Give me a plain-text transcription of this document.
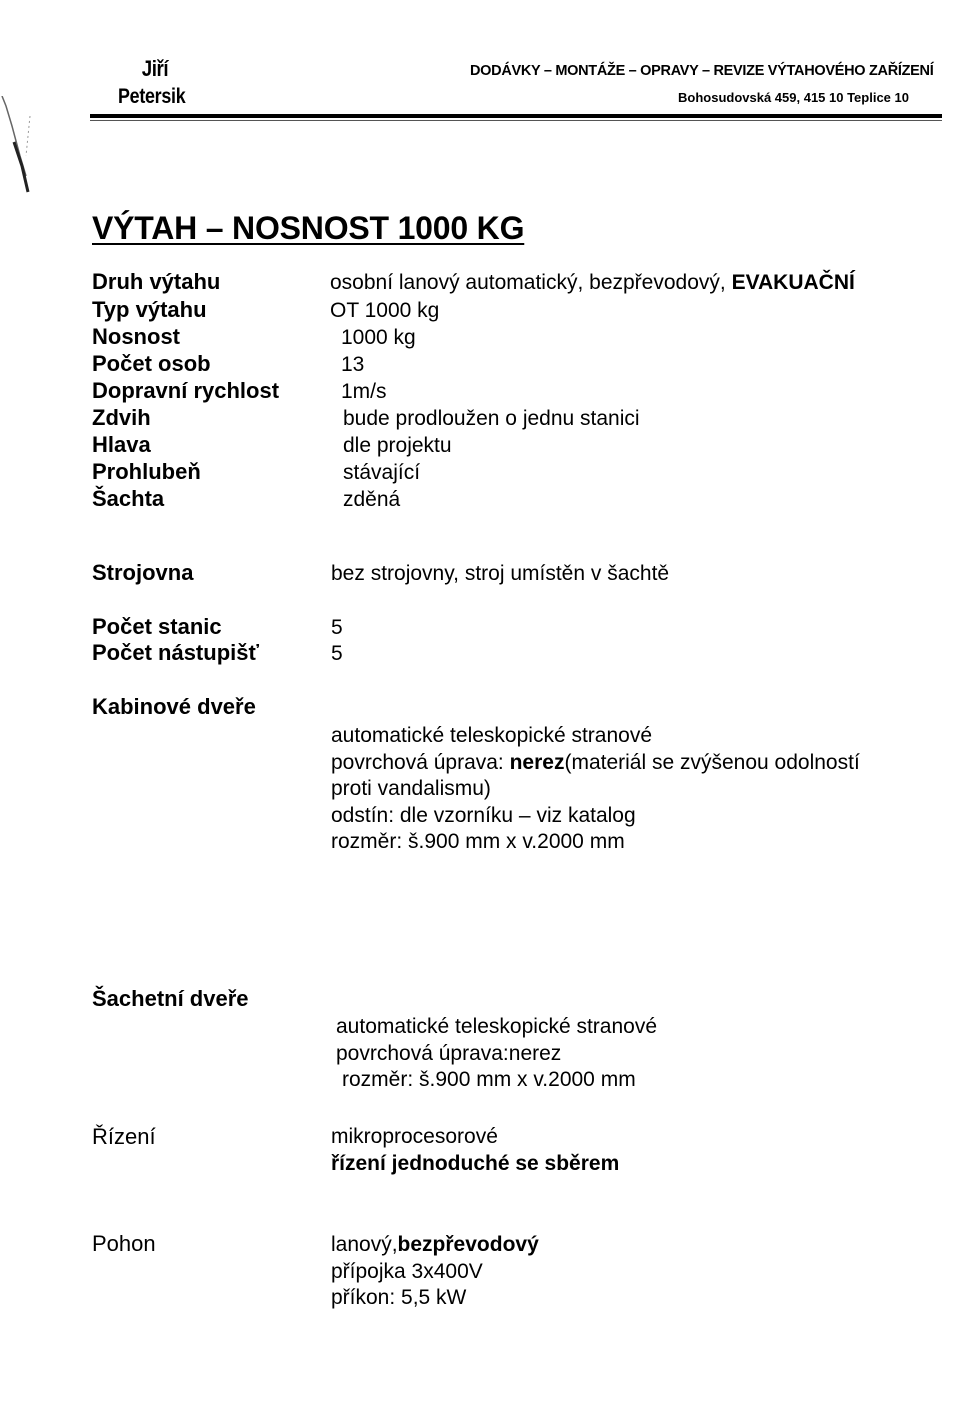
Jiří
Petersik
DODÁVKY – MONTÁŽE – OPRAVY – REVIZE VÝTAHOVÉHO ZAŘÍZENÍ
Bohosudovská 459, 415 10 Teplice 10
VÝTAH – NOSNOST 1000 KG
Druh výtahu	osobní lanový automatický, bezpřevodový, EVAKUAČNÍ
Typ výtahu	OT 1000 kg
Nosnost	1000 kg
Počet osob	13
Dopravní rychlost	1m/s
Zdvih	bude prodloužen o jednu stanici
Hlava	dle projektu
Prohlubeň	stávající
Šachta	zděná
Strojovna	bez strojovny, stroj umístěn v šachtě
Počet stanic	5
Počet nástupišť	5
Kabinové dveře
automatické teleskopické stranové
povrchová úprava: nerez(materiál se zvýšenou odolností
proti vandalismu)
odstín: dle vzorníku – viz katalog
rozměr: š.900 mm x v.2000 mm
Šachetní dveře
automatické teleskopické stranové
povrchová úprava:nerez
rozměr: š.900 mm x v.2000 mm
Řízení	mikroprocesorové
řízení jednoduché se sběrem
Pohon	lanový,bezpřevodový
přípojka 3x400V
příkon: 5,5 kW
